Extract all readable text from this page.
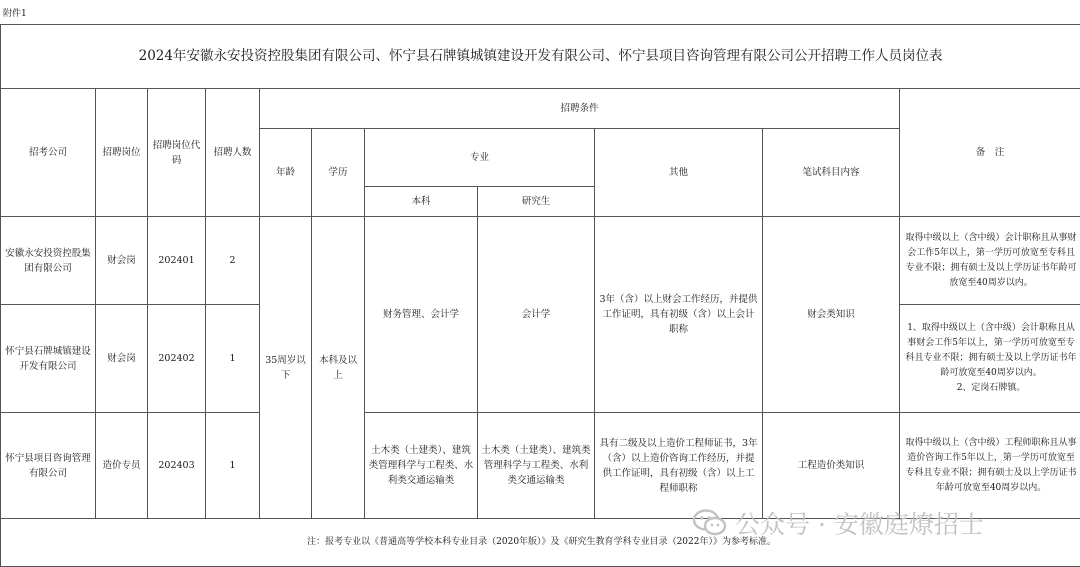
附件1
2024年安徽永安投资控股集团有限公司、怀宁县石牌镇城镇建设开发有限公司、怀宁县项目咨询管理有限公司公开招聘工作人员岗位表										
招考公司	招聘岗位	招聘岗位代码	招聘人数	招聘条件						备　注
				年龄	学历	专业		其他	笔试科目内容	
						本科	研究生			
安徽永安投资控股集团有限公司	财会岗	202401	2	35周岁以下	本科及以上	财务管理、会计学	会计学	3年（含）以上财会工作经历，并提供工作证明，具有初级（含）以上会计职称	财会类知识	取得中级以上（含中级）会计职称且从事财会工作5年以上，第一学历可放宽至专科且专业不限；拥有硕士及以上学历证书年龄可放宽至40周岁以内。
怀宁县石牌城镇建设开发有限公司	财会岗	202402	1							1、取得中级以上（含中级）会计职称且从事财会工作5年以上，第一学历可放宽至专科且专业不限；拥有硕士及以上学历证书年龄可放宽至40周岁以内。
2、定岗石牌镇。
怀宁县项目咨询管理有限公司	造价专员	202403	1			土木类（土建类）、建筑类管理科学与工程类、水利类交通运输类	土木类（土建类）、建筑类管理科学与工程类、水利类交通运输类	具有二级及以上造价工程师证书，3年（含）以上造价咨询工作经历，并提供工作证明，具有初级（含）以上工程师职称	工程造价类知识	取得中级以上（含中级）工程师职称且从事造价咨询工作5年以上，第一学历可放宽至专科且专业不限；拥有硕士及以上学历证书年龄可放宽至40周岁以内。
注：报考专业以《普通高等学校本科专业目录（2020年版）》及《研究生教育学科专业目录（2022年）》为参考标准。										
公众号 · 安徽庭燎招士
